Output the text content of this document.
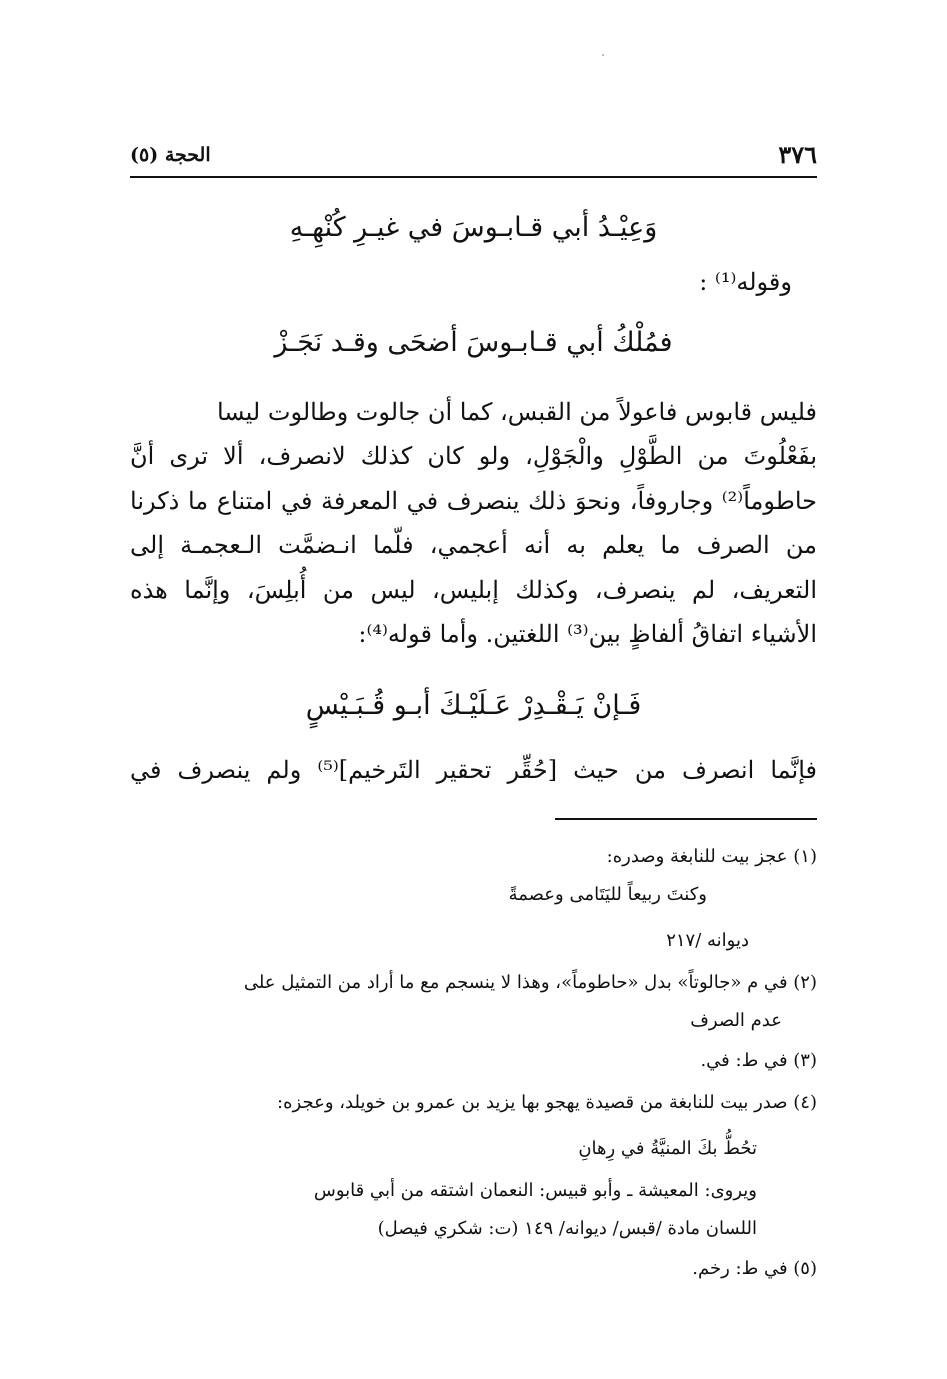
٣٧٦
الحجة (٥)
وَعِيْـدُ أبي قـابـوسَ في غيـرِ كُنْهِـهِ
وقوله⁽¹⁾ :
فمُلْكُ أبي قـابـوسَ أضحَى وقـد نَجَـزْ
فليس قابوس فاعولاً من القبس، كما أن جالوت وطالوت ليسا
بفَعْلُوتَ من الطَّوْلِ والْجَوْلِ، ولو كان كذلك لانصرف، ألا ترى أنَّ
حاطوماً⁽²⁾ وجاروفاً، ونحوَ ذلك ينصرف في المعرفة في امتناع ما ذكرنا
من الصرف ما يعلم به أنه أعجمي، فلّما انـضمَّت الـعجمـة إلى
التعريف، لم ينصرف، وكذلك إبليس، ليس من أُبلِسَ، وإنَّما هذه
الأشياء اتفاقُ ألفاظٍ بين⁽³⁾ اللغتين. وأما قوله⁽⁴⁾:
فَـإنْ يَـقْـدِرْ عَـلَيْـكَ أبـو قُـبَـيْسٍ
فإنَّما انصرف من حيث [حُقِّر تحقير التَرخيم]⁽⁵⁾ ولم ينصرف في
(١) عجز بيت للنابغة وصدره:
وكنتَ ربيعاً لليَتَامى وعصمةً
ديوانه /٢١٧
(٢) في م «جالوتاً» بدل «حاطوماً»، وهذا لا ينسجم مع ما أراد من التمثيل على
عدم الصرف
(٣) في ط: في.
(٤) صدر بيت للنابغة من قصيدة يهجو بها يزيد بن عمرو بن خويلد، وعجزه:
تحُطُّ بكَ المنيَّةُ في رِهانِ
ويروى: المعيشة ـ وأبو قبيس: النعمان اشتقه من أبي قابوس
اللسان مادة /قبس/ ديوانه/ ١٤٩ (ت: شكري فيصل)
(٥) في ط: رخم.
